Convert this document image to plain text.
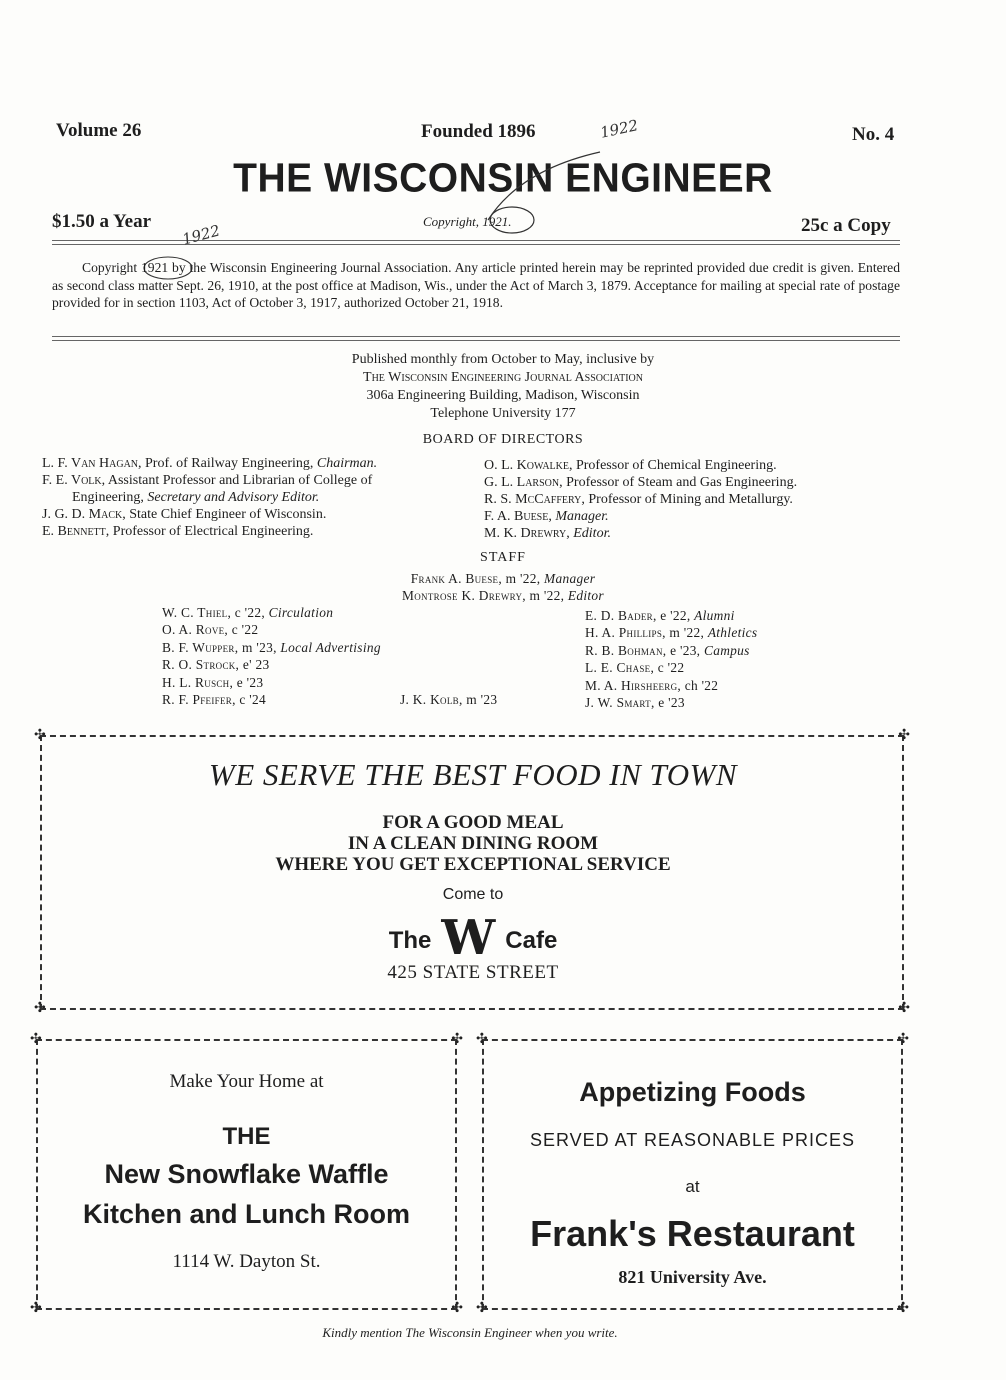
Volume 26	Founded 1896	No. 4
1922
THE WISCONSIN ENGINEER
$1.50 a Year	Copyright, 1921.	25c a Copy
1922
Copyright 1921 by the Wisconsin Engineering Journal Association. Any article printed herein may be reprinted provided due credit is given. Entered as second class matter Sept. 26, 1910, at the post office at Madison, Wis., under the Act of March 3, 1879. Acceptance for mailing at special rate of postage provided for in section 1103, Act of October 3, 1917, authorized October 21, 1918.
Published monthly from October to May, inclusive by
The Wisconsin Engineering Journal Association
306a Engineering Building, Madison, Wisconsin
Telephone University 177
BOARD OF DIRECTORS
L. F. Van Hagan, Prof. of Railway Engineering, Chairman.
F. E. Volk, Assistant Professor and Librarian of College of
Engineering, Secretary and Advisory Editor.
J. G. D. Mack, State Chief Engineer of Wisconsin.
E. Bennett, Professor of Electrical Engineering.
O. L. Kowalke, Professor of Chemical Engineering.
G. L. Larson, Professor of Steam and Gas Engineering.
R. S. McCaffery, Professor of Mining and Metallurgy.
F. A. Buese, Manager.
M. K. Drewry, Editor.
STAFF
Frank A. Buese, m '22, Manager
Montrose K. Drewry, m '22, Editor
W. C. Thiel, c '22, Circulation
O. A. Rove, c '22
B. F. Wupper, m '23, Local Advertising
R. O. Strock, e' 23
H. L. Rusch, e '23
R. F. Pfeifer, c '24	J. K. Kolb, m '23
E. D. Bader, e '22, Alumni
H. A. Phillips, m '22, Athletics
R. B. Bohman, e '23, Campus
L. E. Chase, c '22
M. A. Hirsheerg, ch '22
J. W. Smart, e '23
✣	✣
✣	✣
WE SERVE THE BEST FOOD IN TOWN
FOR A GOOD MEAL
IN A CLEAN DINING ROOM
WHERE YOU GET EXCEPTIONAL SERVICE
Come to
The W Cafe
425 STATE STREET
✣	✣
✣	✣
Make Your Home at
THE
New Snowflake Waffle
Kitchen and Lunch Room
1114 W. Dayton St.
✣	✣
✣	✣
Appetizing Foods
SERVED AT REASONABLE PRICES
at
Frank's Restaurant
821 University Ave.
Kindly mention The Wisconsin Engineer when you write.
